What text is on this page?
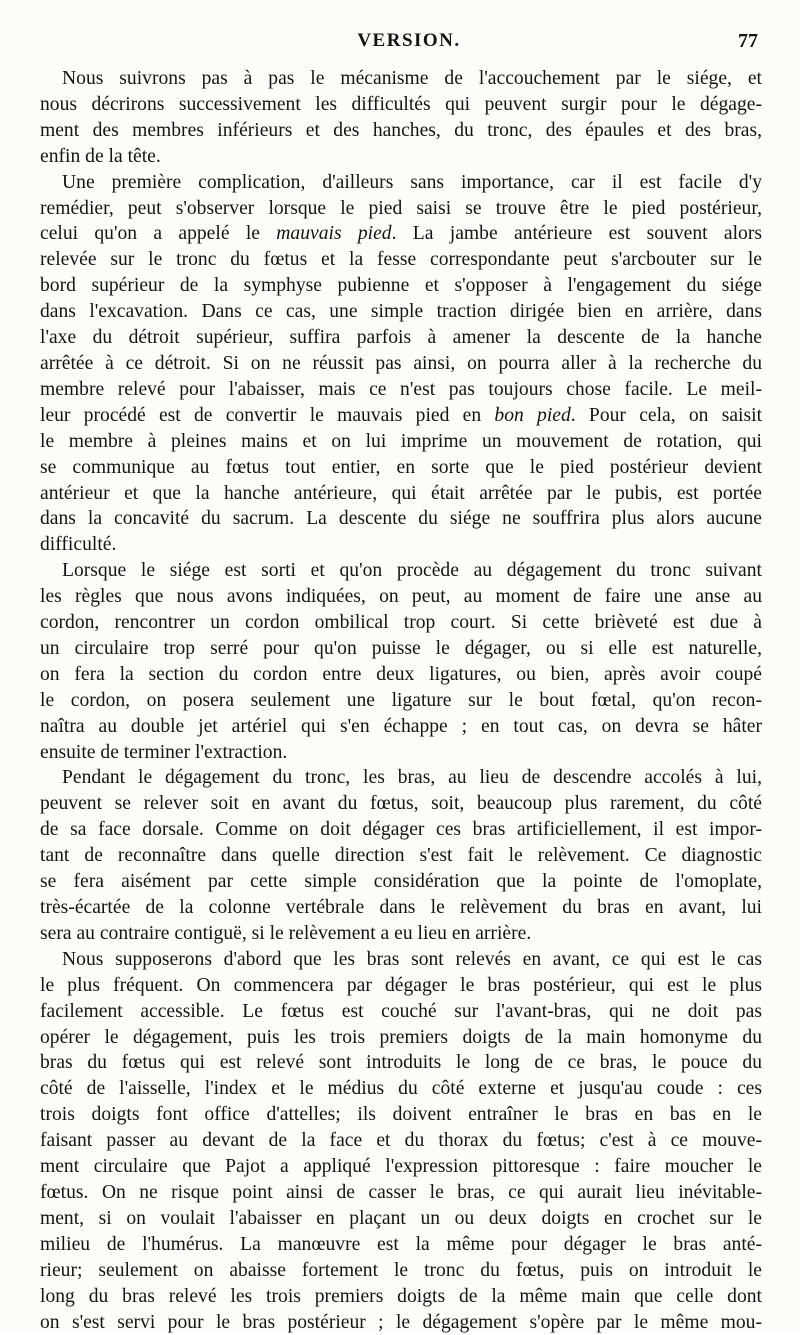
VERSION.	77
Nous suivrons pas à pas le mécanisme de l'accouchement par le siége, et
nous décrirons successivement les difficultés qui peuvent surgir pour le dégage-
ment des membres inférieurs et des hanches, du tronc, des épaules et des bras,
enfin de la tête.
Une première complication, d'ailleurs sans importance, car il est facile d'y
remédier, peut s'observer lorsque le pied saisi se trouve être le pied postérieur,
celui qu'on a appelé le mauvais pied. La jambe antérieure est souvent alors
relevée sur le tronc du fœtus et la fesse correspondante peut s'arcbouter sur le
bord supérieur de la symphyse pubienne et s'opposer à l'engagement du siége
dans l'excavation. Dans ce cas, une simple traction dirigée bien en arrière, dans
l'axe du détroit supérieur, suffira parfois à amener la descente de la hanche
arrêtée à ce détroit. Si on ne réussit pas ainsi, on pourra aller à la recherche du
membre relevé pour l'abaisser, mais ce n'est pas toujours chose facile. Le meil-
leur procédé est de convertir le mauvais pied en bon pied. Pour cela, on saisit
le membre à pleines mains et on lui imprime un mouvement de rotation, qui
se communique au fœtus tout entier, en sorte que le pied postérieur devient
antérieur et que la hanche antérieure, qui était arrêtée par le pubis, est portée
dans la concavité du sacrum. La descente du siége ne souffrira plus alors aucune
difficulté.
Lorsque le siége est sorti et qu'on procède au dégagement du tronc suivant
les règles que nous avons indiquées, on peut, au moment de faire une anse au
cordon, rencontrer un cordon ombilical trop court. Si cette brièveté est due à
un circulaire trop serré pour qu'on puisse le dégager, ou si elle est naturelle,
on fera la section du cordon entre deux ligatures, ou bien, après avoir coupé
le cordon, on posera seulement une ligature sur le bout fœtal, qu'on recon-
naîtra au double jet artériel qui s'en échappe ; en tout cas, on devra se hâter
ensuite de terminer l'extraction.
Pendant le dégagement du tronc, les bras, au lieu de descendre accolés à lui,
peuvent se relever soit en avant du fœtus, soit, beaucoup plus rarement, du côté
de sa face dorsale. Comme on doit dégager ces bras artificiellement, il est impor-
tant de reconnaître dans quelle direction s'est fait le relèvement. Ce diagnostic
se fera aisément par cette simple considération que la pointe de l'omoplate,
très-écartée de la colonne vertébrale dans le relèvement du bras en avant, lui
sera au contraire contiguë, si le relèvement a eu lieu en arrière.
Nous supposerons d'abord que les bras sont relevés en avant, ce qui est le cas
le plus fréquent. On commencera par dégager le bras postérieur, qui est le plus
facilement accessible. Le fœtus est couché sur l'avant-bras, qui ne doit pas
opérer le dégagement, puis les trois premiers doigts de la main homonyme du
bras du fœtus qui est relevé sont introduits le long de ce bras, le pouce du
côté de l'aisselle, l'index et le médius du côté externe et jusqu'au coude : ces
trois doigts font office d'attelles; ils doivent entraîner le bras en bas en le
faisant passer au devant de la face et du thorax du fœtus; c'est à ce mouve-
ment circulaire que Pajot a appliqué l'expression pittoresque : faire moucher le
fœtus. On ne risque point ainsi de casser le bras, ce qui aurait lieu inévitable-
ment, si on voulait l'abaisser en plaçant un ou deux doigts en crochet sur le
milieu de l'humérus. La manœuvre est la même pour dégager le bras anté-
rieur; seulement on abaisse fortement le tronc du fœtus, puis on introduit le
long du bras relevé les trois premiers doigts de la même main que celle dont
on s'est servi pour le bras postérieur ; le dégagement s'opère par le même mou-
